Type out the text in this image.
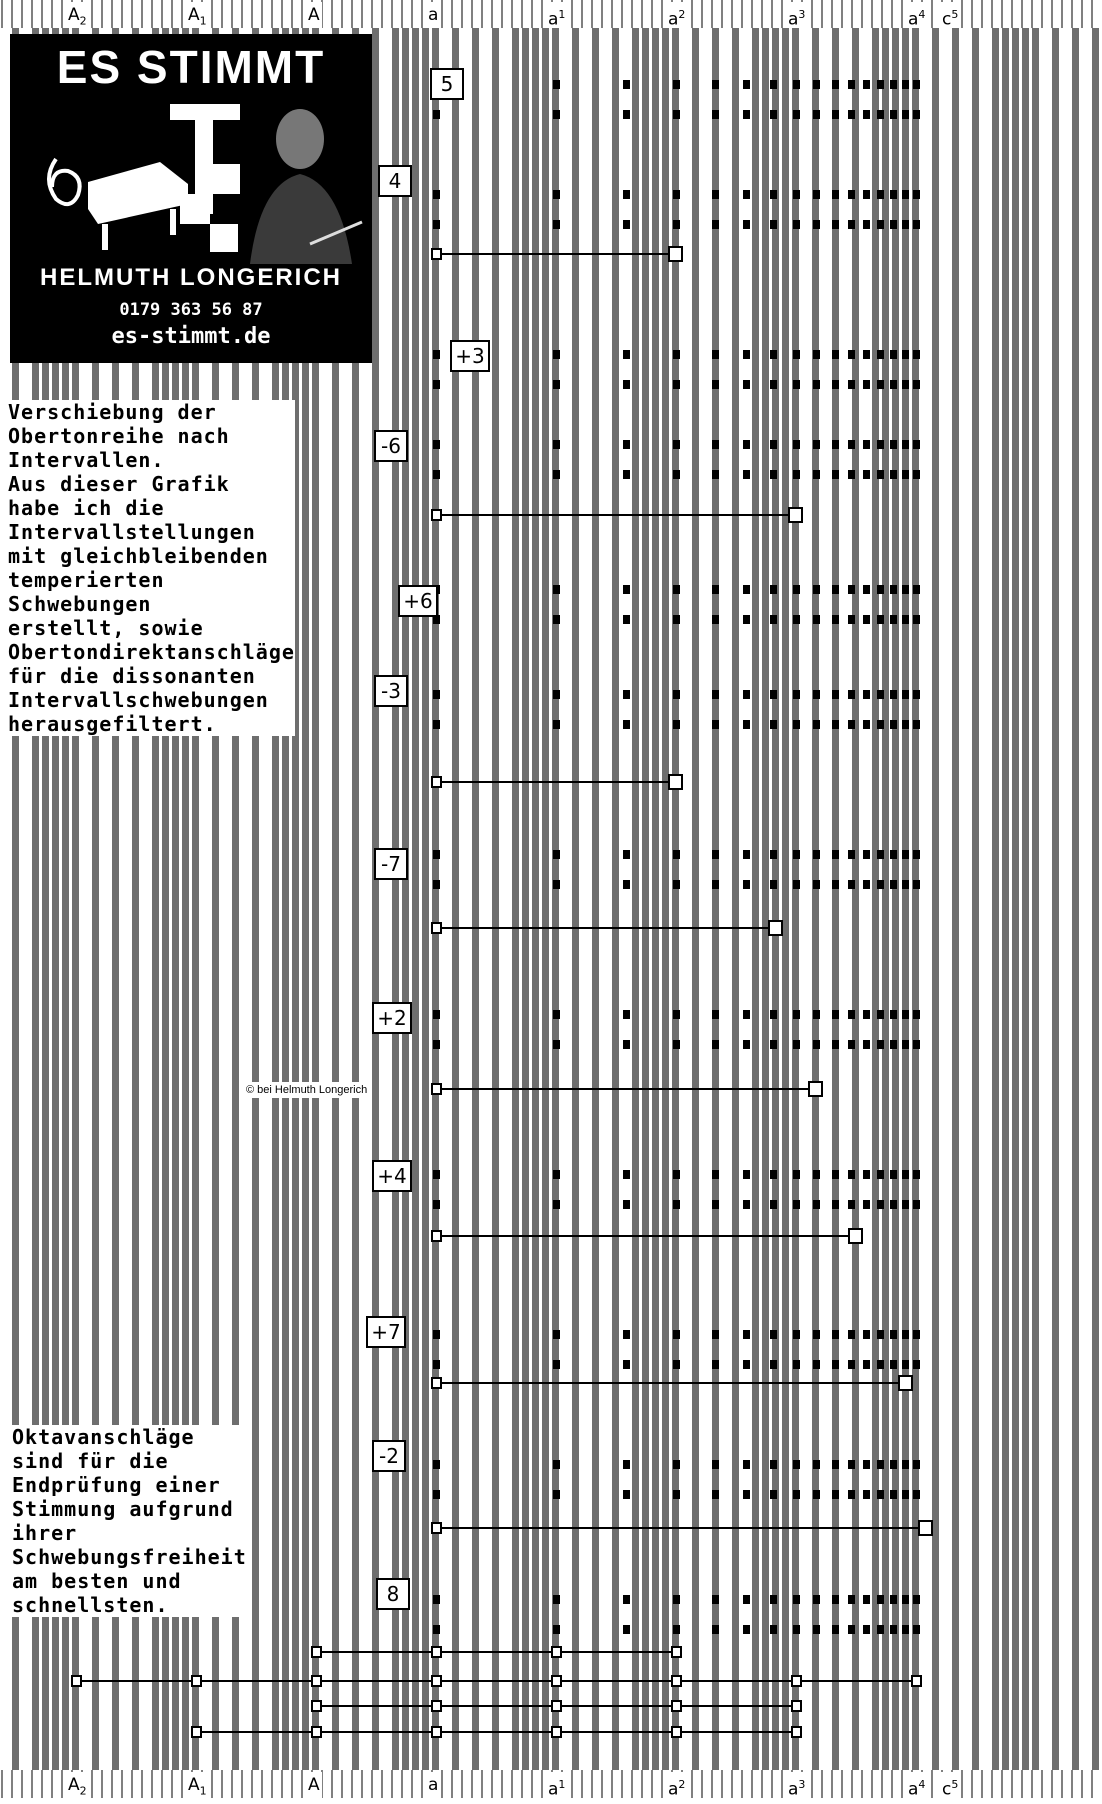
$A_2$	$A_1$	A	a	$a^1$	$a^2$	$a^3$	$a^4$ $c^5$
$A_2$	$A_1$	A	a	$a^1$	$a^2$	$a^3$	$a^4$ $c^5$
ES STIMMT
HELMUTH LONGERICH
0179 363 56 87
es-stimmt.de
Verschiebung der
Obertonreihe nach
Intervallen.
Aus dieser Grafik
habe ich die
Intervallstellungen
mit gleichbleibenden
temperierten
Schwebungen
erstellt, sowie
Obertondirektanschläge
für die dissonanten
Intervallschwebungen
herausgefiltert.
Oktavanschläge
sind für die
Endprüfung einer
Stimmung aufgrund
ihrer
Schwebungsfreiheit
am besten und
schnellsten.
© bei Helmuth Longerich
5
4
+3
-6
+6
-3
-7
+2
+4
+7
-2
8
